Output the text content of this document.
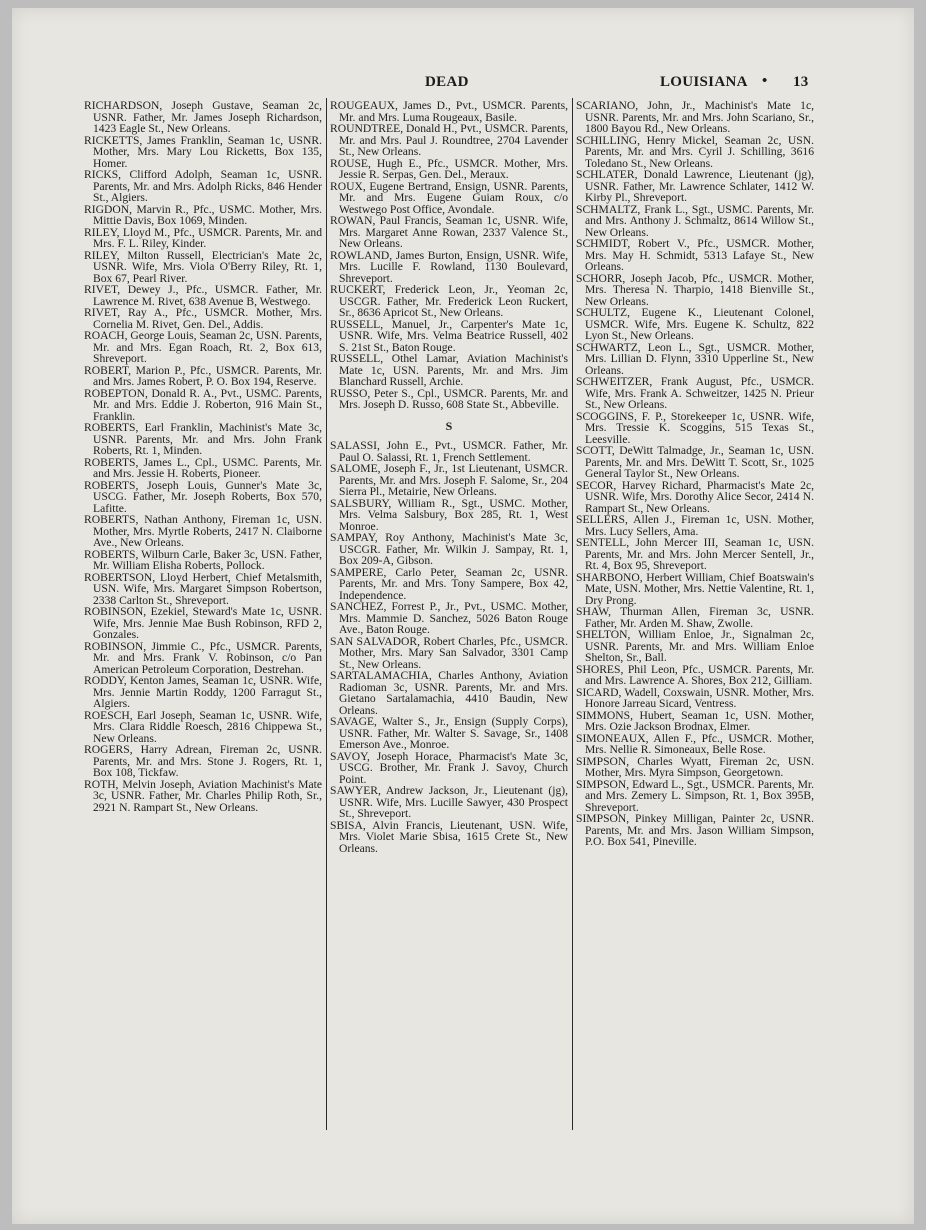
DEAD	LOUISIANA • 13
RICHARDSON, Joseph Gustave, Seaman 2c, USNR. Father, Mr. James Joseph Richardson, 1423 Eagle St., New Orleans.
RICKETTS, James Franklin, Seaman 1c, USNR. Mother, Mrs. Mary Lou Ricketts, Box 135, Homer.
RICKS, Clifford Adolph, Seaman 1c, USNR. Parents, Mr. and Mrs. Adolph Ricks, 846 Hender St., Algiers.
RIGDON, Marvin R., Pfc., USMC. Mother, Mrs. Mittie Davis, Box 1069, Minden.
RILEY, Lloyd M., Pfc., USMCR. Parents, Mr. and Mrs. F. L. Riley, Kinder.
RILEY, Milton Russell, Electrician's Mate 2c, USNR. Wife, Mrs. Viola O'Berry Riley, Rt. 1, Box 67, Pearl River.
RIVET, Dewey J., Pfc., USMCR. Father, Mr. Lawrence M. Rivet, 638 Avenue B, Westwego.
RIVET, Ray A., Pfc., USMCR. Mother, Mrs. Cornelia M. Rivet, Gen. Del., Addis.
ROACH, George Louis, Seaman 2c, USN. Parents, Mr. and Mrs. Egan Roach, Rt. 2, Box 613, Shreveport.
ROBERT, Marion P., Pfc., USMCR. Parents, Mr. and Mrs. James Robert, P. O. Box 194, Reserve.
ROBEPTON, Donald R. A., Pvt., USMC. Parents, Mr. and Mrs. Eddie J. Roberton, 916 Main St., Franklin.
ROBERTS, Earl Franklin, Machinist's Mate 3c, USNR. Parents, Mr. and Mrs. John Frank Roberts, Rt. 1, Minden.
ROBERTS, James L., Cpl., USMC. Parents, Mr. and Mrs. Jessie H. Roberts, Pioneer.
ROBERTS, Joseph Louis, Gunner's Mate 3c, USCG. Father, Mr. Joseph Roberts, Box 570, Lafitte.
ROBERTS, Nathan Anthony, Fireman 1c, USN. Mother, Mrs. Myrtle Roberts, 2417 N. Claiborne Ave., New Orleans.
ROBERTS, Wilburn Carle, Baker 3c, USN. Father, Mr. William Elisha Roberts, Pollock.
ROBERTSON, Lloyd Herbert, Chief Metalsmith, USN. Wife, Mrs. Margaret Simpson Robertson, 2338 Carlton St., Shreveport.
ROBINSON, Ezekiel, Steward's Mate 1c, USNR. Wife, Mrs. Jennie Mae Bush Robinson, RFD 2, Gonzales.
ROBINSON, Jimmie C., Pfc., USMCR. Parents, Mr. and Mrs. Frank V. Robinson, c/o Pan American Petroleum Corporation, Destrehan.
RODDY, Kenton James, Seaman 1c, USNR. Wife, Mrs. Jennie Martin Roddy, 1200 Farragut St., Algiers.
ROESCH, Earl Joseph, Seaman 1c, USNR. Wife, Mrs. Clara Riddle Roesch, 2816 Chippewa St., New Orleans.
ROGERS, Harry Adrean, Fireman 2c, USNR. Parents, Mr. and Mrs. Stone J. Rogers, Rt. 1, Box 108, Tickfaw.
ROTH, Melvin Joseph, Aviation Machinist's Mate 3c, USNR. Father, Mr. Charles Philip Roth, Sr., 2921 N. Rampart St., New Orleans.
ROUGEAUX, James D., Pvt., USMCR. Parents, Mr. and Mrs. Luma Rougeaux, Basile.
ROUNDTREE, Donald H., Pvt., USMCR. Parents, Mr. and Mrs. Paul J. Roundtree, 2704 Lavender St., New Orleans.
ROUSE, Hugh E., Pfc., USMCR. Mother, Mrs. Jessie R. Serpas, Gen. Del., Meraux.
ROUX, Eugene Bertrand, Ensign, USNR. Parents, Mr. and Mrs. Eugene Guiam Roux, c/o Westwego Post Office, Avondale.
ROWAN, Paul Francis, Seaman 1c, USNR. Wife, Mrs. Margaret Anne Rowan, 2337 Valence St., New Orleans.
ROWLAND, James Burton, Ensign, USNR. Wife, Mrs. Lucille F. Rowland, 1130 Boulevard, Shreveport.
RUCKERT, Frederick Leon, Jr., Yeoman 2c, USCGR. Father, Mr. Frederick Leon Ruckert, Sr., 8636 Apricot St., New Orleans.
RUSSELL, Manuel, Jr., Carpenter's Mate 1c, USNR. Wife, Mrs. Velma Beatrice Russell, 402 S. 21st St., Baton Rouge.
RUSSELL, Othel Lamar, Aviation Machinist's Mate 1c, USN. Parents, Mr. and Mrs. Jim Blanchard Russell, Archie.
RUSSO, Peter S., Cpl., USMCR. Parents, Mr. and Mrs. Joseph D. Russo, 608 State St., Abbeville.
S
SALASSI, John E., Pvt., USMCR. Father, Mr. Paul O. Salassi, Rt. 1, French Settlement.
SALOME, Joseph F., Jr., 1st Lieutenant, USMCR. Parents, Mr. and Mrs. Joseph F. Salome, Sr., 204 Sierra Pl., Metairie, New Orleans.
SALSBURY, William R., Sgt., USMC. Mother, Mrs. Velma Salsbury, Box 285, Rt. 1, West Monroe.
SAMPAY, Roy Anthony, Machinist's Mate 3c, USCGR. Father, Mr. Wilkin J. Sampay, Rt. 1, Box 209-A, Gibson.
SAMPERE, Carlo Peter, Seaman 2c, USNR. Parents, Mr. and Mrs. Tony Sampere, Box 42, Independence.
SANCHEZ, Forrest P., Jr., Pvt., USMC. Mother, Mrs. Mammie D. Sanchez, 5026 Baton Rouge Ave., Baton Rouge.
SAN SALVADOR, Robert Charles, Pfc., USMCR. Mother, Mrs. Mary San Salvador, 3301 Camp St., New Orleans.
SARTALAMACHIA, Charles Anthony, Aviation Radioman 3c, USNR. Parents, Mr. and Mrs. Gietano Sartalamachia, 4410 Baudin, New Orleans.
SAVAGE, Walter S., Jr., Ensign (Supply Corps), USNR. Father, Mr. Walter S. Savage, Sr., 1408 Emerson Ave., Monroe.
SAVOY, Joseph Horace, Pharmacist's Mate 3c, USCG. Brother, Mr. Frank J. Savoy, Church Point.
SAWYER, Andrew Jackson, Jr., Lieutenant (jg), USNR. Wife, Mrs. Lucille Sawyer, 430 Prospect St., Shreveport.
SBISA, Alvin Francis, Lieutenant, USN. Wife, Mrs. Violet Marie Sbisa, 1615 Crete St., New Orleans.
SCARIANO, John, Jr., Machinist's Mate 1c, USNR. Parents, Mr. and Mrs. John Scariano, Sr., 1800 Bayou Rd., New Orleans.
SCHILLING, Henry Mickel, Seaman 2c, USN. Parents, Mr. and Mrs. Cyril J. Schilling, 3616 Toledano St., New Orleans.
SCHLATER, Donald Lawrence, Lieutenant (jg), USNR. Father, Mr. Lawrence Schlater, 1412 W. Kirby Pl., Shreveport.
SCHMALTZ, Frank L., Sgt., USMC. Parents, Mr. and Mrs. Anthony J. Schmaltz, 8614 Willow St., New Orleans.
SCHMIDT, Robert V., Pfc., USMCR. Mother, Mrs. May H. Schmidt, 5313 Lafaye St., New Orleans.
SCHORR, Joseph Jacob, Pfc., USMCR. Mother, Mrs. Theresa N. Tharpio, 1418 Bienville St., New Orleans.
SCHULTZ, Eugene K., Lieutenant Colonel, USMCR. Wife, Mrs. Eugene K. Schultz, 822 Lyon St., New Orleans.
SCHWARTZ, Leon L., Sgt., USMCR. Mother, Mrs. Lillian D. Flynn, 3310 Upperline St., New Orleans.
SCHWEITZER, Frank August, Pfc., USMCR. Wife, Mrs. Frank A. Schweitzer, 1425 N. Prieur St., New Orleans.
SCOGGINS, F. P., Storekeeper 1c, USNR. Wife, Mrs. Tressie K. Scoggins, 515 Texas St., Leesville.
SCOTT, DeWitt Talmadge, Jr., Seaman 1c, USN. Parents, Mr. and Mrs. DeWitt T. Scott, Sr., 1025 General Taylor St., New Orleans.
SECOR, Harvey Richard, Pharmacist's Mate 2c, USNR. Wife, Mrs. Dorothy Alice Secor, 2414 N. Rampart St., New Orleans.
SELLERS, Allen J., Fireman 1c, USN. Mother, Mrs. Lucy Sellers, Ama.
SENTELL, John Mercer III, Seaman 1c, USN. Parents, Mr. and Mrs. John Mercer Sentell, Jr., Rt. 4, Box 95, Shreveport.
SHARBONO, Herbert William, Chief Boatswain's Mate, USN. Mother, Mrs. Nettie Valentine, Rt. 1, Dry Prong.
SHAW, Thurman Allen, Fireman 3c, USNR. Father, Mr. Arden M. Shaw, Zwolle.
SHELTON, William Enloe, Jr., Signalman 2c, USNR. Parents, Mr. and Mrs. William Enloe Shelton, Sr., Ball.
SHORES, Phil Leon, Pfc., USMCR. Parents, Mr. and Mrs. Lawrence A. Shores, Box 212, Gilliam.
SICARD, Wadell, Coxswain, USNR. Mother, Mrs. Honore Jarreau Sicard, Ventress.
SIMMONS, Hubert, Seaman 1c, USN. Mother, Mrs. Ozie Jackson Brodnax, Elmer.
SIMONEAUX, Allen F., Pfc., USMCR. Mother, Mrs. Nellie R. Simoneaux, Belle Rose.
SIMPSON, Charles Wyatt, Fireman 2c, USN. Mother, Mrs. Myra Simpson, Georgetown.
SIMPSON, Edward L., Sgt., USMCR. Parents, Mr. and Mrs. Zemery L. Simpson, Rt. 1, Box 395B, Shreveport.
SIMPSON, Pinkey Milligan, Painter 2c, USNR. Parents, Mr. and Mrs. Jason William Simpson, P.O. Box 541, Pineville.
